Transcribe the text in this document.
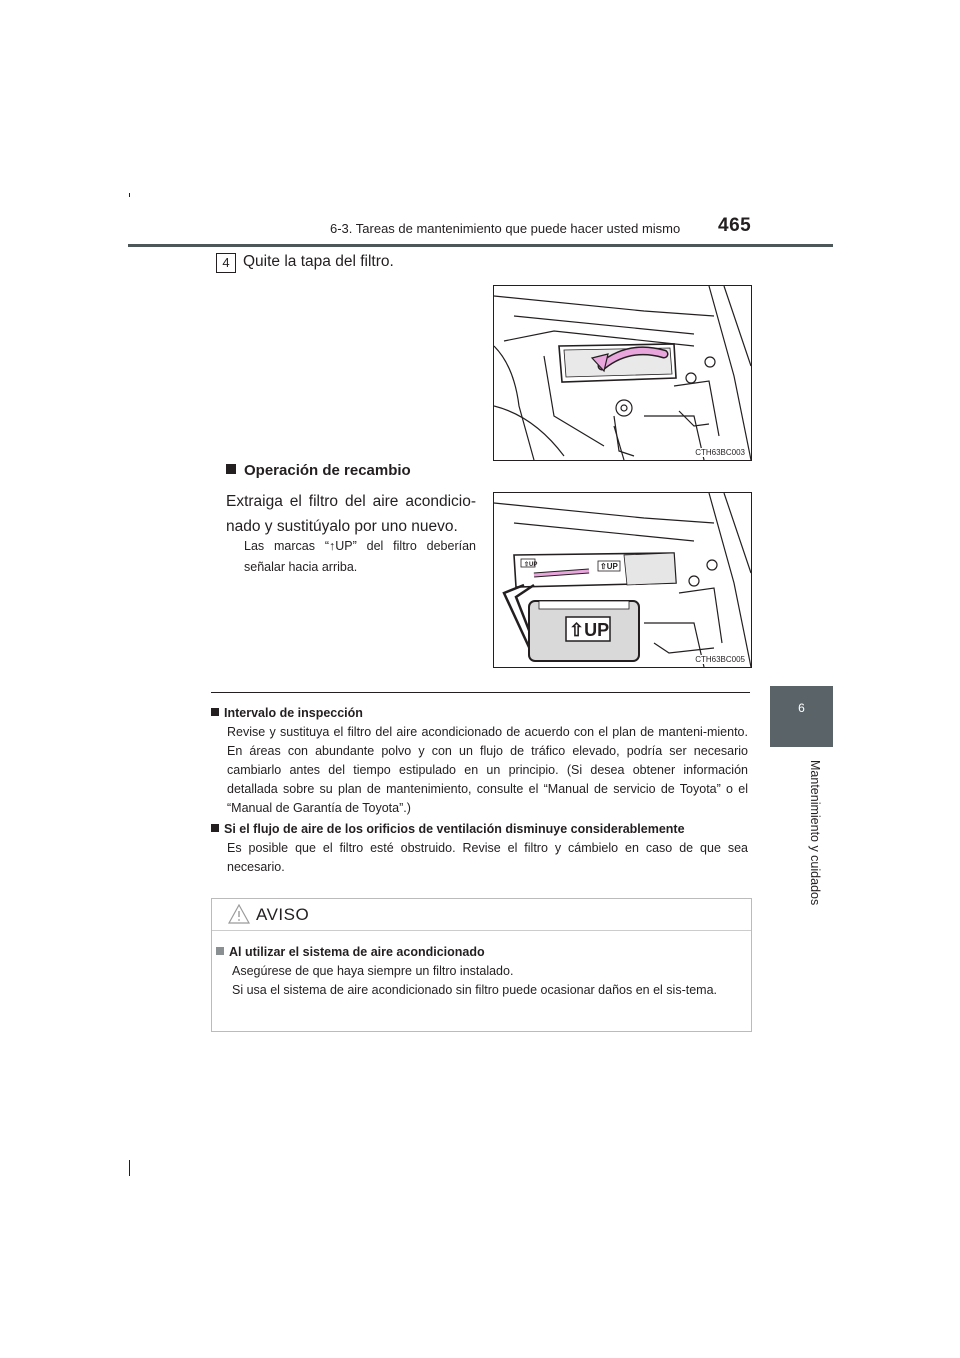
6-3. Tareas de mantenimiento que puede hacer usted mismo 465
6
Mantenimiento y cuidados
4 Quite la tapa del filtro.
CTH63BC003
Operación de recambio
Extraiga el filtro del aire acondicio-nado y sustitúyalo por uno nuevo.
Las marcas “↑UP” del filtro deberían señalar hacia arriba.	⇧UP	⇧UP
⇧UP
CTH63BC005
Intervalo de inspección
Revise y sustituya el filtro del aire acondicionado de acuerdo con el plan de manteni-miento. En áreas con abundante polvo y con un flujo de tráfico elevado, podría ser necesario cambiarlo antes del tiempo estipulado en un principio. (Si desea obtener información detallada sobre su plan de mantenimiento, consulte el “Manual de servicio de Toyota” o el “Manual de Garantía de Toyota”.)
Si el flujo de aire de los orificios de ventilación disminuye considerablemente
Es posible que el filtro esté obstruido. Revise el filtro y cámbielo en caso de que sea necesario.
AVISO
Al utilizar el sistema de aire acondicionado
Asegúrese de que haya siempre un filtro instalado.
Si usa el sistema de aire acondicionado sin filtro puede ocasionar daños en el sis-tema.
